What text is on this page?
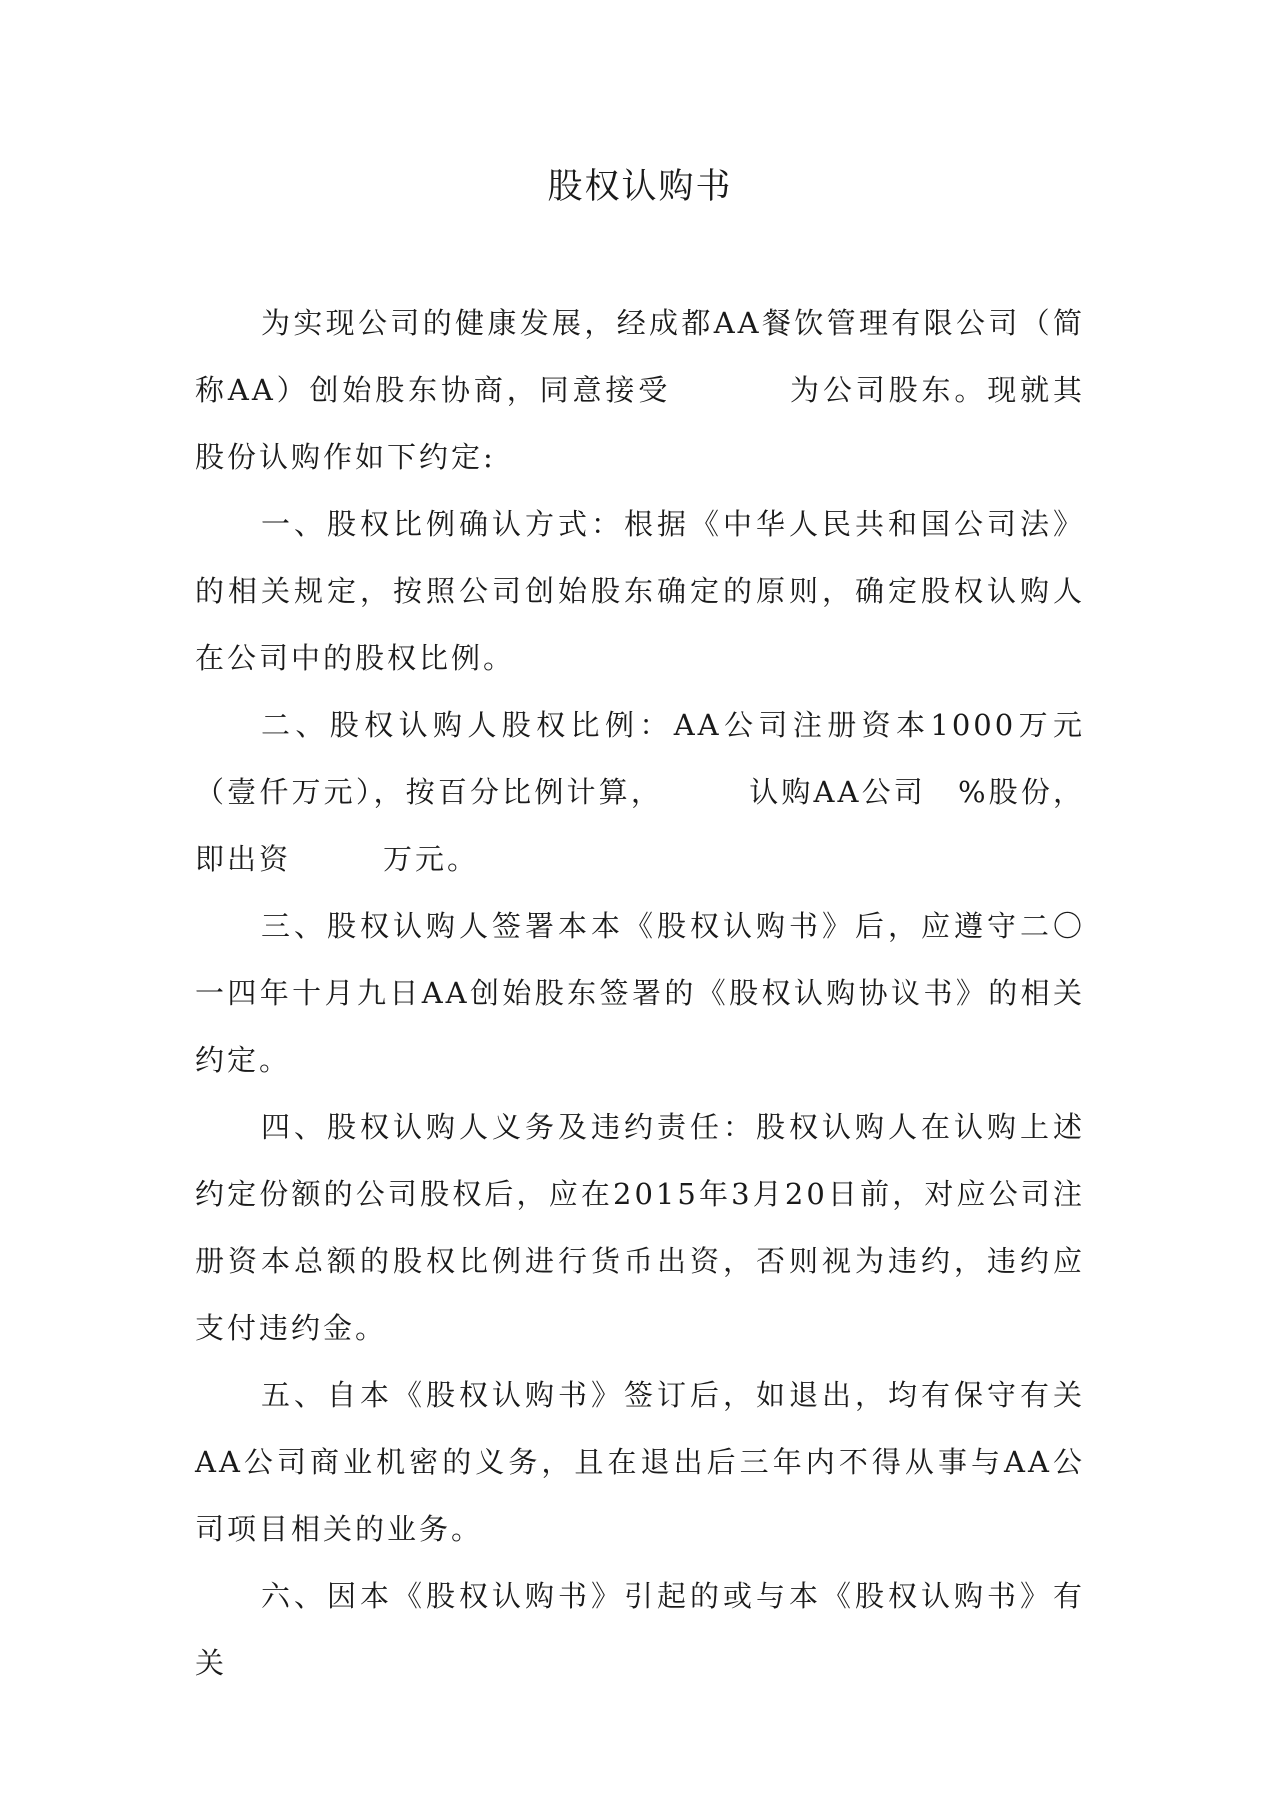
股权认购书

为实现公司的健康发展，经成都AA餐饮管理有限公司（简称AA）创始股东协商，同意接受	为公司股东。现就其股份认购作如下约定:

一、股权比例确认方式：根据《中华人民共和国公司法》的相关规定，按照公司创始股东确定的原则，确定股权认购人在公司中的股权比例。

二、股权认购人股权比例：AA公司注册资本1000万元（壹仟万元），按百分比例计算，	认购AA公司 %股份，即出资	万元。

三、股权认购人签署本本《股权认购书》后，应遵守二〇一四年十月九日AA创始股东签署的《股权认购协议书》的相关约定。

四、股权认购人义务及违约责任：股权认购人在认购上述约定份额的公司股权后，应在2015年3月20日前，对应公司注册资本总额的股权比例进行货币出资，否则视为违约，违约应支付违约金。

五、自本《股权认购书》签订后，如退出，均有保守有关AA公司商业机密的义务，且在退出后三年内不得从事与AA公司项目相关的业务。

六、因本《股权认购书》引起的或与本《股权认购书》有关
